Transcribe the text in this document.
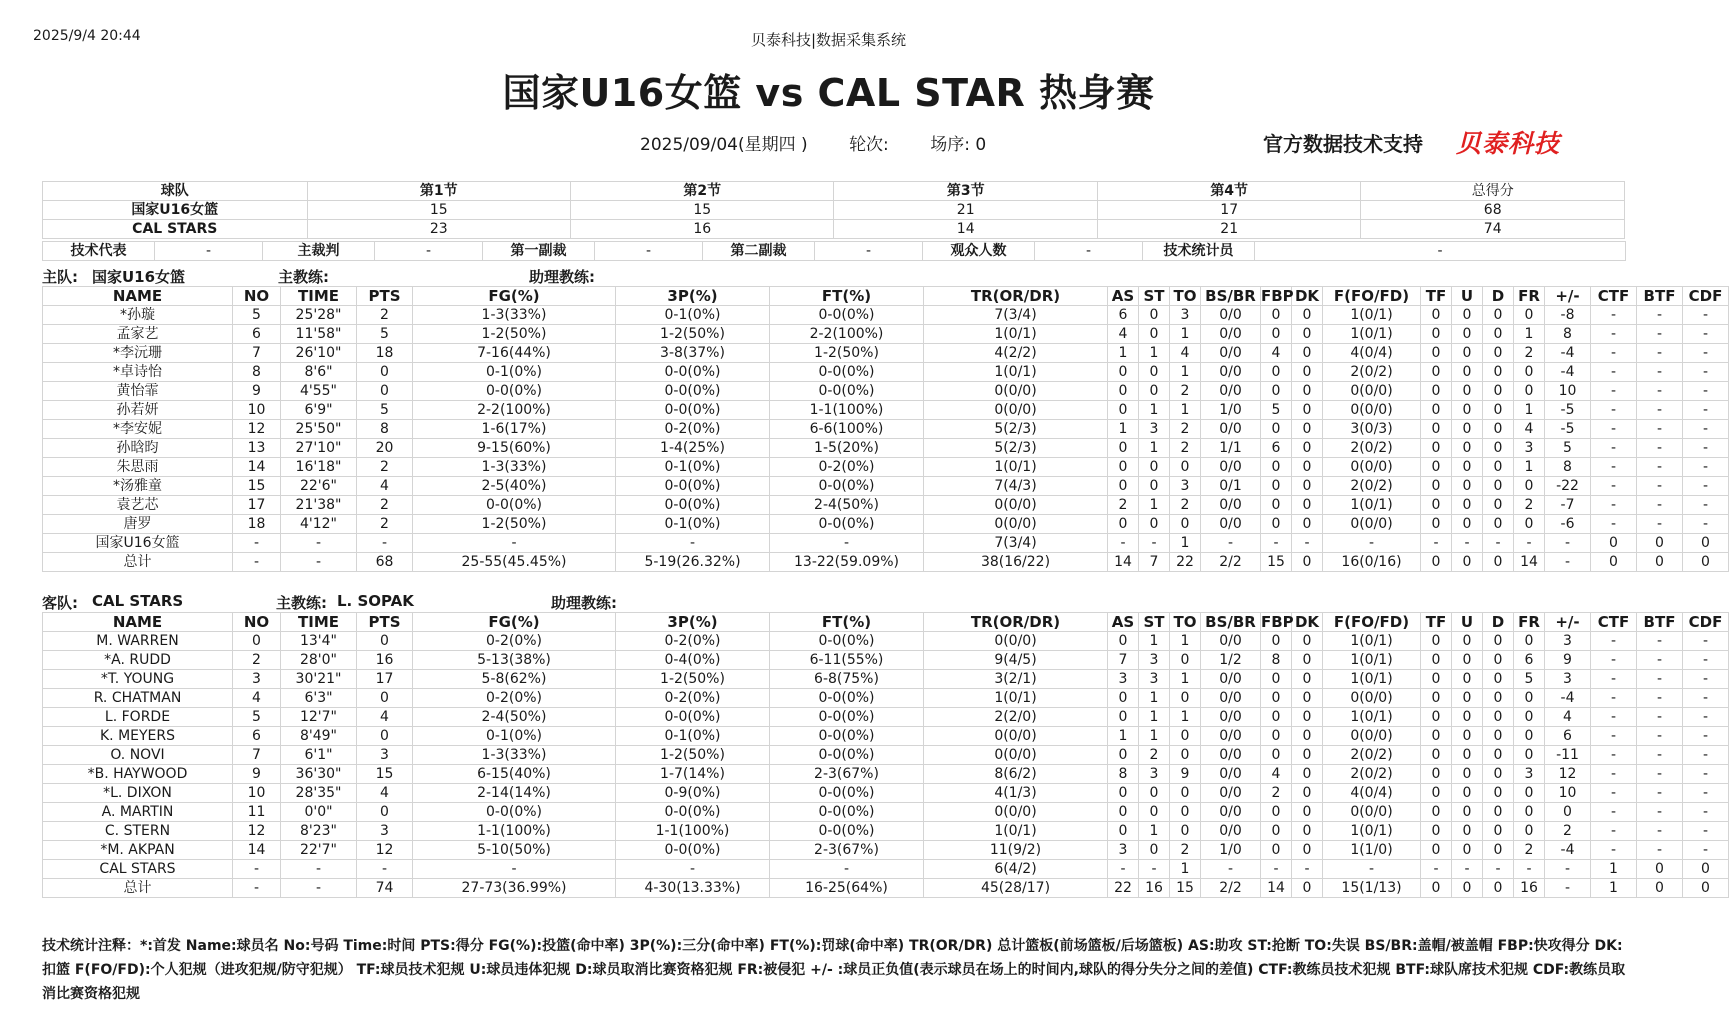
2025/9/4 20:44	贝泰科技|数据采集系统
国家U16女篮 vs CAL STAR 热身赛
2025/09/04(星期四 ) 轮次: 场序: 0	官方数据技术支持 贝泰科技
球队	第1节	第2节	第3节	第4节	总得分
国家U16女篮	15	15	21	17	68
CAL STARS	23	16	14	21	74
技术代表	-	主裁判	-	第一副裁	-	第二副裁	-	观众人数	-	技术统计员	-
主队: 国家U16女篮	主教练:	助理教练:
NAME	NO	TIME	PTS	FG(%)	3P(%)	FT(%)	TR(OR/DR)	AS	ST	TO	BS/BR	FBP	DK	F(FO/FD)	TF	U	D	FR	+/-	CTF	BTF	CDF
*孙璇	5	25'28"	2	1-3(33%)	0-1(0%)	0-0(0%)	7(3/4)	6	0	3	0/0	0	0	1(0/1)	0	0	0	0	-8	-	-	-
孟家艺	6	11'58"	5	1-2(50%)	1-2(50%)	2-2(100%)	1(0/1)	4	0	1	0/0	0	0	1(0/1)	0	0	0	1	8	-	-	-
*李沅珊	7	26'10"	18	7-16(44%)	3-8(37%)	1-2(50%)	4(2/2)	1	1	4	0/0	4	0	4(0/4)	0	0	0	2	-4	-	-	-
*卓诗怡	8	8'6"	0	0-1(0%)	0-0(0%)	0-0(0%)	1(0/1)	0	0	1	0/0	0	0	2(0/2)	0	0	0	0	-4	-	-	-
黄怡霏	9	4'55"	0	0-0(0%)	0-0(0%)	0-0(0%)	0(0/0)	0	0	2	0/0	0	0	0(0/0)	0	0	0	0	10	-	-	-
孙若妍	10	6'9"	5	2-2(100%)	0-0(0%)	1-1(100%)	0(0/0)	0	1	1	1/0	5	0	0(0/0)	0	0	0	1	-5	-	-	-
*李安妮	12	25'50"	8	1-6(17%)	0-2(0%)	6-6(100%)	5(2/3)	1	3	2	0/0	0	0	3(0/3)	0	0	0	4	-5	-	-	-
孙晗昀	13	27'10"	20	9-15(60%)	1-4(25%)	1-5(20%)	5(2/3)	0	1	2	1/1	6	0	2(0/2)	0	0	0	3	5	-	-	-
朱思雨	14	16'18"	2	1-3(33%)	0-1(0%)	0-2(0%)	1(0/1)	0	0	0	0/0	0	0	0(0/0)	0	0	0	1	8	-	-	-
*汤雅童	15	22'6"	4	2-5(40%)	0-0(0%)	0-0(0%)	7(4/3)	0	0	3	0/1	0	0	2(0/2)	0	0	0	0	-22	-	-	-
袁艺芯	17	21'38"	2	0-0(0%)	0-0(0%)	2-4(50%)	0(0/0)	2	1	2	0/0	0	0	1(0/1)	0	0	0	2	-7	-	-	-
唐罗	18	4'12"	2	1-2(50%)	0-1(0%)	0-0(0%)	0(0/0)	0	0	0	0/0	0	0	0(0/0)	0	0	0	0	-6	-	-	-
国家U16女篮	-	-	-	-	-	-	7(3/4)	-	-	1	-	-	-	-	-	-	-	-	-	0	0	0
总计	-	-	68	25-55(45.45%)	5-19(26.32%)	13-22(59.09%)	38(16/22)	14	7	22	2/2	15	0	16(0/16)	0	0	0	14	-	0	0	0
客队: CAL STARS	主教练: L. SOPAK	助理教练:
NAME	NO	TIME	PTS	FG(%)	3P(%)	FT(%)	TR(OR/DR)	AS	ST	TO	BS/BR	FBP	DK	F(FO/FD)	TF	U	D	FR	+/-	CTF	BTF	CDF
M. WARREN	0	13'4"	0	0-2(0%)	0-2(0%)	0-0(0%)	0(0/0)	0	1	1	0/0	0	0	1(0/1)	0	0	0	0	3	-	-	-
*A. RUDD	2	28'0"	16	5-13(38%)	0-4(0%)	6-11(55%)	9(4/5)	7	3	0	1/2	8	0	1(0/1)	0	0	0	6	9	-	-	-
*T. YOUNG	3	30'21"	17	5-8(62%)	1-2(50%)	6-8(75%)	3(2/1)	3	3	1	0/0	0	0	1(0/1)	0	0	0	5	3	-	-	-
R. CHATMAN	4	6'3"	0	0-2(0%)	0-2(0%)	0-0(0%)	1(0/1)	0	1	0	0/0	0	0	0(0/0)	0	0	0	0	-4	-	-	-
L. FORDE	5	12'7"	4	2-4(50%)	0-0(0%)	0-0(0%)	2(2/0)	0	1	1	0/0	0	0	1(0/1)	0	0	0	0	4	-	-	-
K. MEYERS	6	8'49"	0	0-1(0%)	0-1(0%)	0-0(0%)	0(0/0)	1	1	0	0/0	0	0	0(0/0)	0	0	0	0	6	-	-	-
O. NOVI	7	6'1"	3	1-3(33%)	1-2(50%)	0-0(0%)	0(0/0)	0	2	0	0/0	0	0	2(0/2)	0	0	0	0	-11	-	-	-
*B. HAYWOOD	9	36'30"	15	6-15(40%)	1-7(14%)	2-3(67%)	8(6/2)	8	3	9	0/0	4	0	2(0/2)	0	0	0	3	12	-	-	-
*L. DIXON	10	28'35"	4	2-14(14%)	0-9(0%)	0-0(0%)	4(1/3)	0	0	0	0/0	2	0	4(0/4)	0	0	0	0	10	-	-	-
A. MARTIN	11	0'0"	0	0-0(0%)	0-0(0%)	0-0(0%)	0(0/0)	0	0	0	0/0	0	0	0(0/0)	0	0	0	0	0	-	-	-
C. STERN	12	8'23"	3	1-1(100%)	1-1(100%)	0-0(0%)	1(0/1)	0	1	0	0/0	0	0	1(0/1)	0	0	0	0	2	-	-	-
*M. AKPAN	14	22'7"	12	5-10(50%)	0-0(0%)	2-3(67%)	11(9/2)	3	0	2	1/0	0	0	1(1/0)	0	0	0	2	-4	-	-	-
CAL STARS	-	-	-	-	-	-	6(4/2)	-	-	1	-	-	-	-	-	-	-	-	-	1	0	0
总计	-	-	74	27-73(36.99%)	4-30(13.33%)	16-25(64%)	45(28/17)	22	16	15	2/2	14	0	15(1/13)	0	0	0	16	-	1	0	0
技术统计注释：*:首发 Name:球员名 No:号码 Time:时间 PTS:得分 FG(%):投篮(命中率) 3P(%):三分(命中率) FT(%):罚球(命中率) TR(OR/DR) 总计篮板(前场篮板/后场篮板) AS:助攻 ST:抢断 TO:失误 BS/BR:盖帽/被盖帽 FBP:快攻得分 DK:扣篮 F(FO/FD):个人犯规（进攻犯规/防守犯规） TF:球员技术犯规 U:球员违体犯规 D:球员取消比赛资格犯规 FR:被侵犯 +/- :球员正负值(表示球员在场上的时间内,球队的得分失分之间的差值) CTF:教练员技术犯规 BTF:球队席技术犯规 CDF:教练员取消比赛资格犯规
